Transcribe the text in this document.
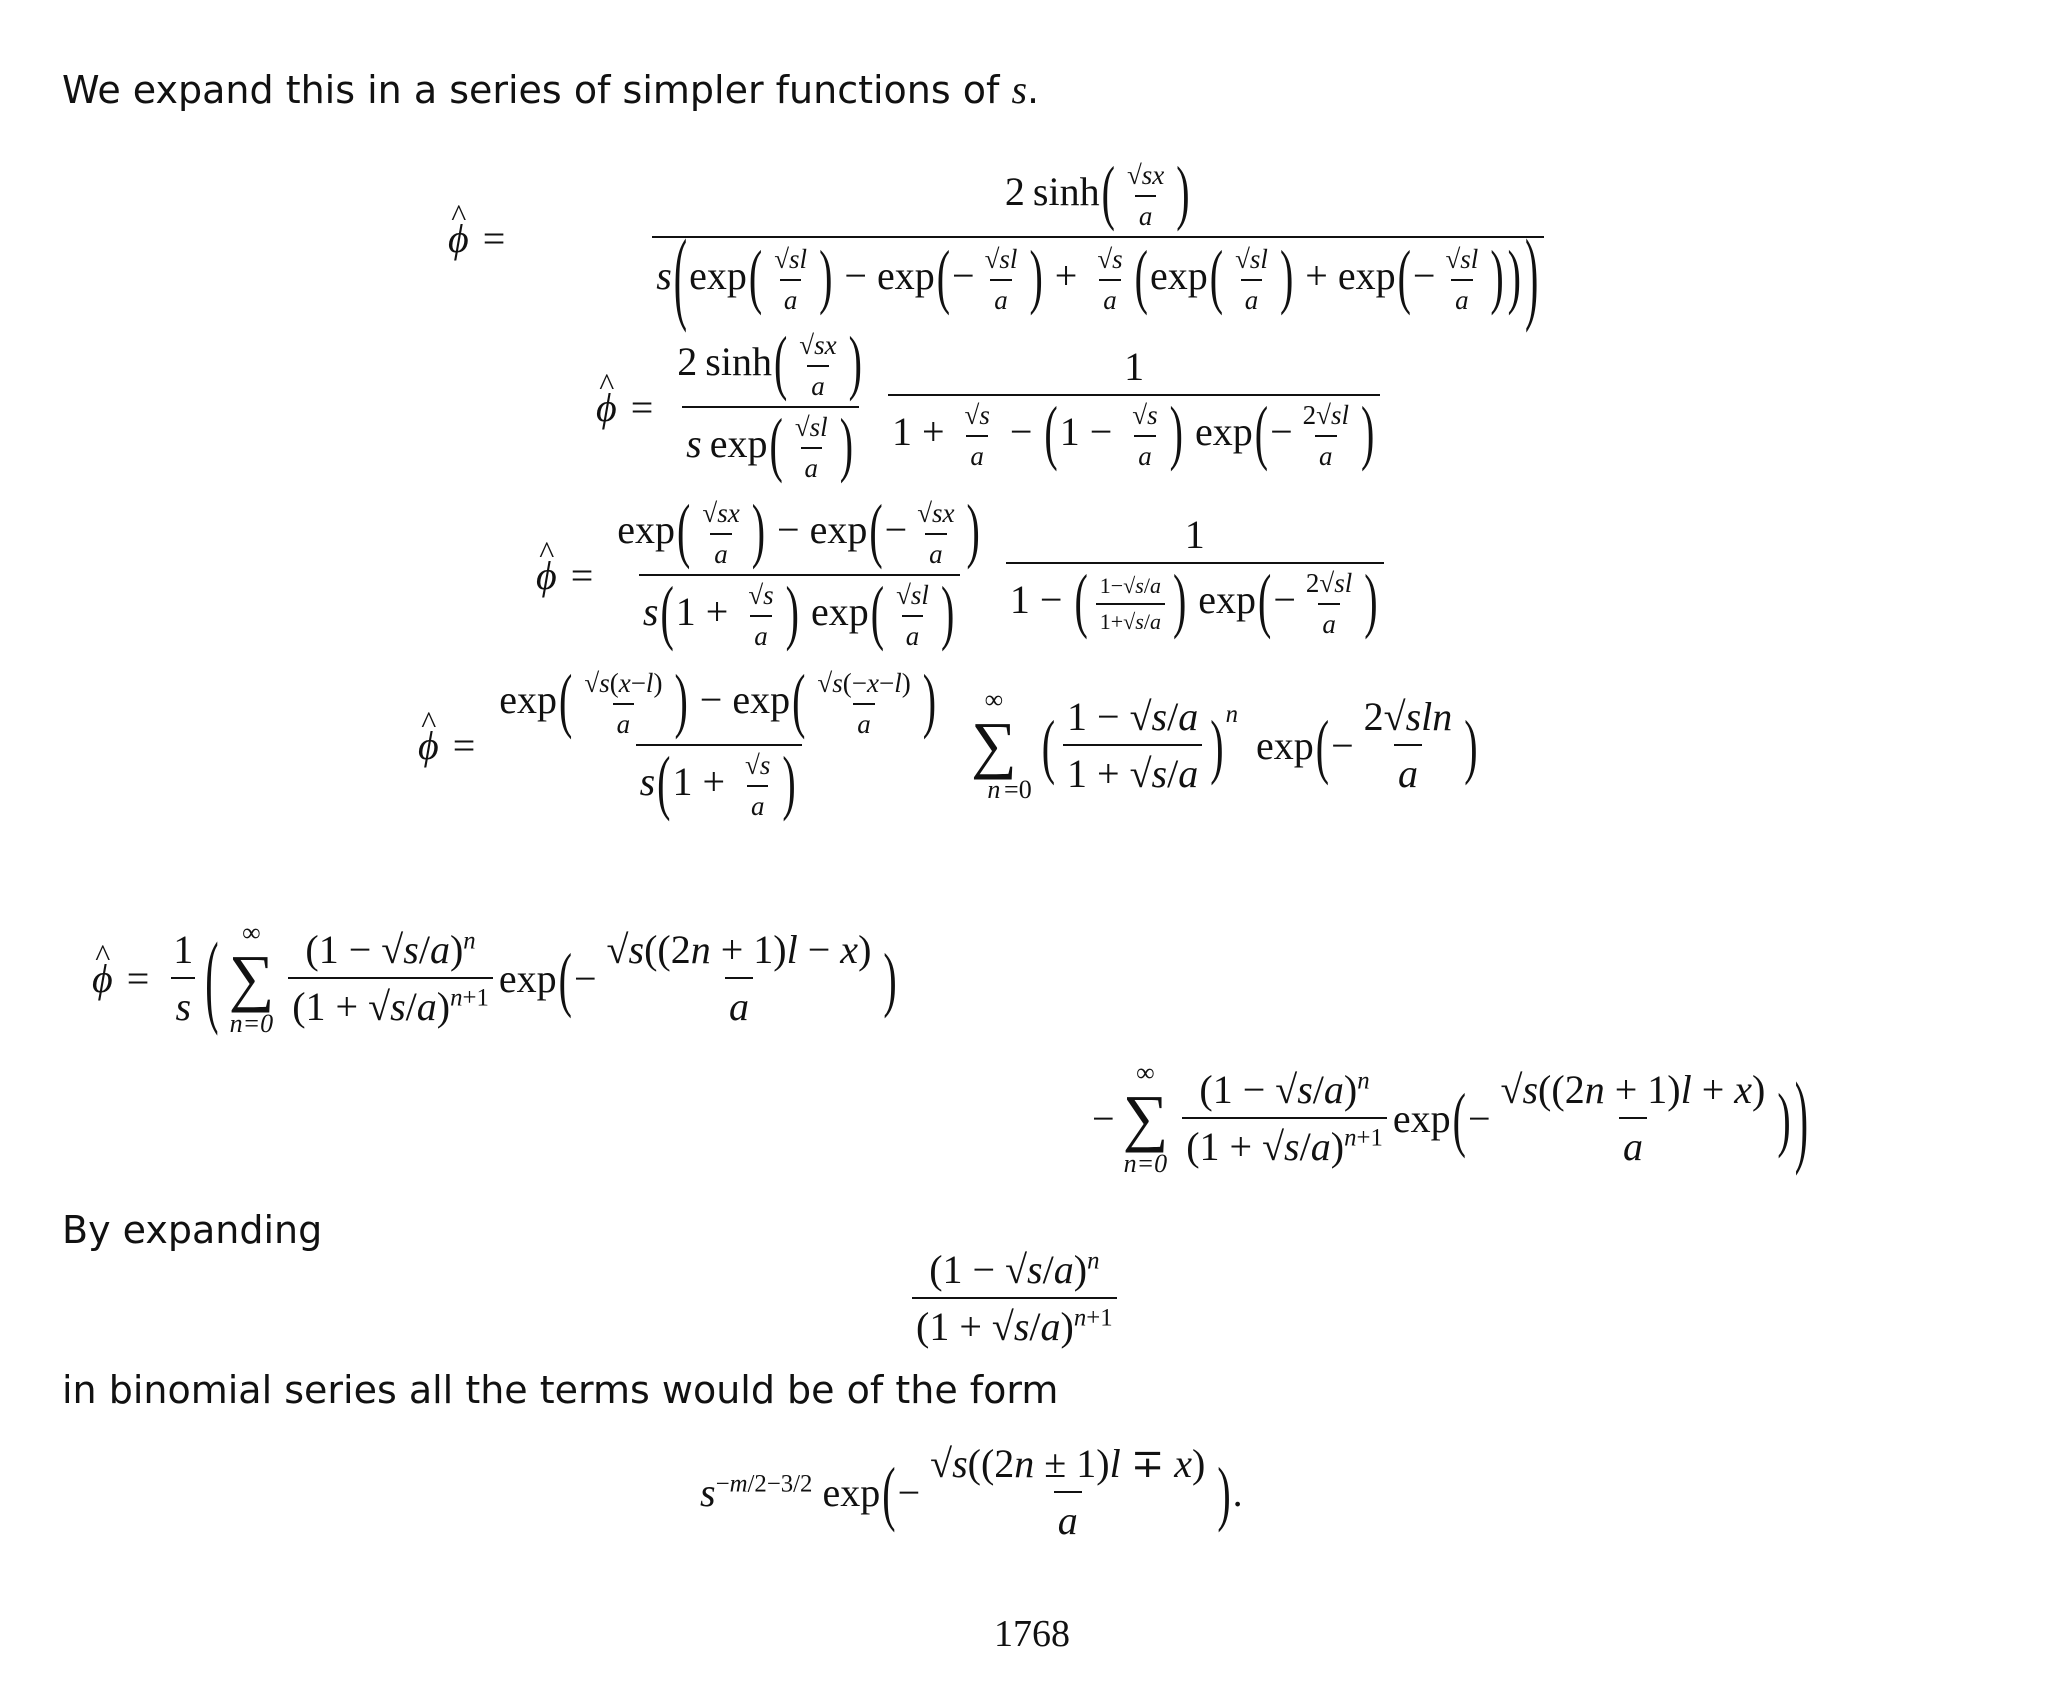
We expand this in a series of simpler functions of s.
^ $\phi = \frac{2 \sinh( \frac{√sx}{a} )}{s(\exp( \frac{√sl}{a} ) - \exp(- \frac{√sl}{a} ) + \frac{√s}{a} (\exp( \frac{√sl}{a} ) + \exp(- \frac{√sl}{a} ) ) )}$
^ $\phi = \frac{2 \sinh( \frac{√sx}{a} )}{s \exp( \frac{√sl}{a} )} \frac{1}{1 + \frac{√s}{a} - (1 - \frac{√s}{a} ) \exp(- \frac{2√sl}{a} )}$
^ $\phi = \frac{\exp( \frac{√sx}{a} ) - \exp(- \frac{√sx}{a} )}{s(1 + \frac{√s}{a} ) \exp( \frac{√sl}{a} )} \frac{1}{1 - ( \frac{1-√s/a}{1+√s/a} ) \exp(- \frac{2√sl}{a} )}$
^ $\phi = \frac{\exp( \frac{√s(x-l)}{a} ) - \exp( \frac{√s(-x-l)}{a} )}{s(1 + \frac{√s}{a} )}$ ∞
∑
n =0
( $\frac{1 - √s/a}{1 + √s/a}$ ) $^n$
exp ( − $\frac{2√sln}{a}$ )
^ $\phi = \frac{1}{s}$ ( ∞
∑
$n=0 \frac{(1 - √s/a)^n}{(1 + √s/a)^{n+1}}$ exp ( − $\frac{√s((2n + 1)l - x)}{a}$ )
−
∞
∑
$n=0 \frac{(1 - √s/a)^n}{(1 + √s/a)^{n+1}}$ exp ( − $\frac{√s((2n + 1)l + x)}{a}$ ) )
By expanding
$\frac{(1 - √s/a)^n}{(1 + √s/a)^{n+1}}$
in binomial series all the terms would be of the form
$s^{-m/2-3/2}$ exp ( − $\frac{√s((2n \pm 1)l \mp x)}{a}$ ) .
1768
